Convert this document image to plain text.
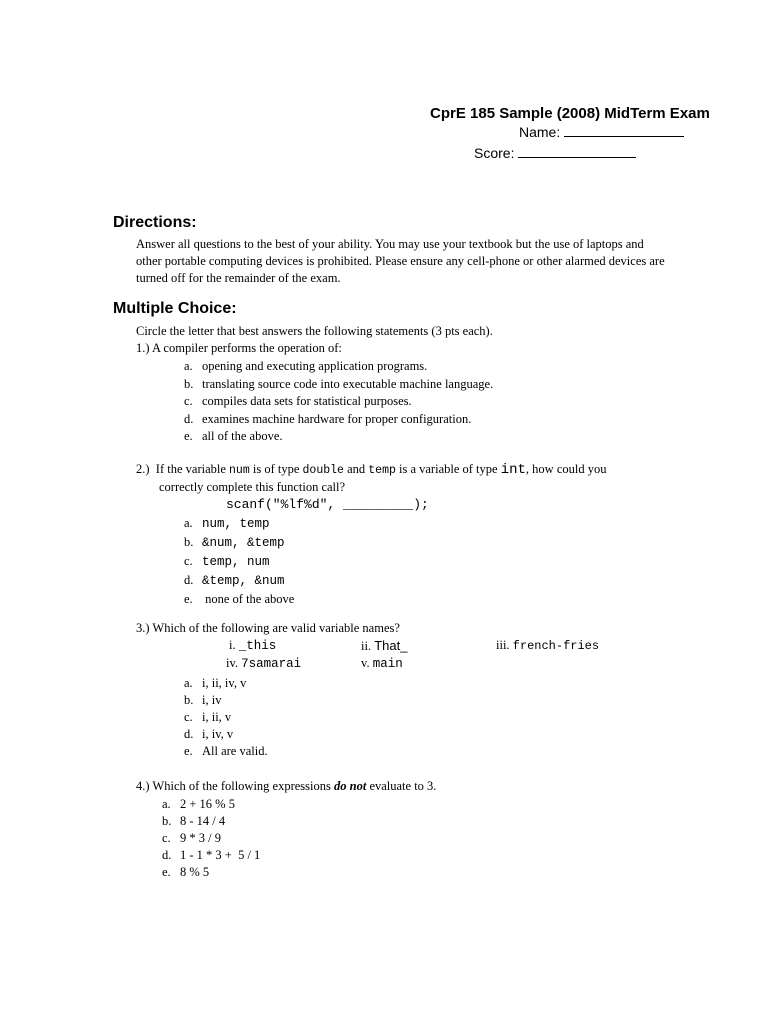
CprE 185 Sample (2008) MidTerm Exam
Name:
Score:
Directions:
Answer all questions to the best of your ability. You may use your textbook but the use of laptops and
other portable computing devices is prohibited. Please ensure any cell-phone or other alarmed devices are
turned off for the remainder of the exam.
Multiple Choice:
Circle the letter that best answers the following statements (3 pts each).
1.) A compiler performs the operation of:
a. opening and executing application programs.
b. translating source code into executable machine language.
c. compiles data sets for statistical purposes.
d. examines machine hardware for proper configuration.
e. all of the above.
2.) If the variable num is of type double and temp is a variable of type int, how could you
correctly complete this function call?
scanf("%lf%d", _________);
a. num, temp
b. &num, &temp
c. temp, num
d. &temp, &num
e. none of the above
3.) Which of the following are valid variable names?
i. _this	ii. That_	iii. french-fries
iv. 7samarai	v. main
a. i, ii, iv, v
b. i, iv
c. i, ii, v
d. i, iv, v
e. All are valid.
4.) Which of the following expressions do not evaluate to 3.
a. 2 + 16 % 5
b. 8 - 14 / 4
c. 9 * 3 / 9
d. 1 - 1 * 3 +  5 / 1
e. 8 % 5
